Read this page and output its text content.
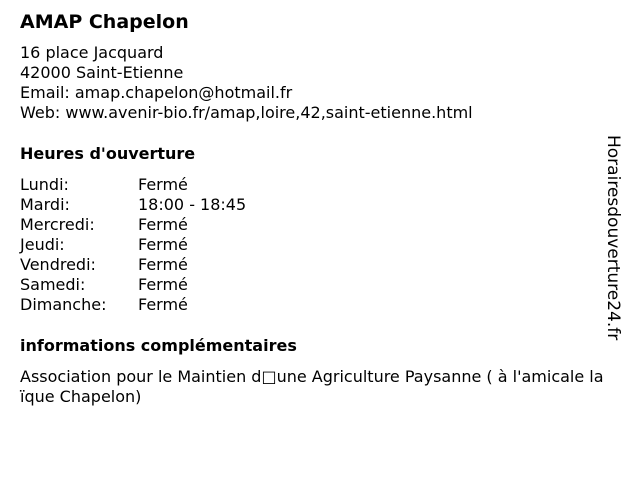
AMAP Chapelon
16 place Jacquard
42000 Saint-Etienne
Email: amap.chapelon@hotmail.fr
Web: www.avenir-bio.fr/amap,loire,42,saint-etienne.html
Heures d'ouverture
Lundi:	Fermé
Mardi:	18:00 - 18:45
Mercredi:	Fermé
Jeudi:	Fermé
Vendredi:	Fermé
Samedi:	Fermé
Dimanche:	Fermé
informations complémentaires
Association pour le Maintien d□une Agriculture Paysanne ( à l'amicale laïque Chapelon)
Horairesdouverture24.fr
